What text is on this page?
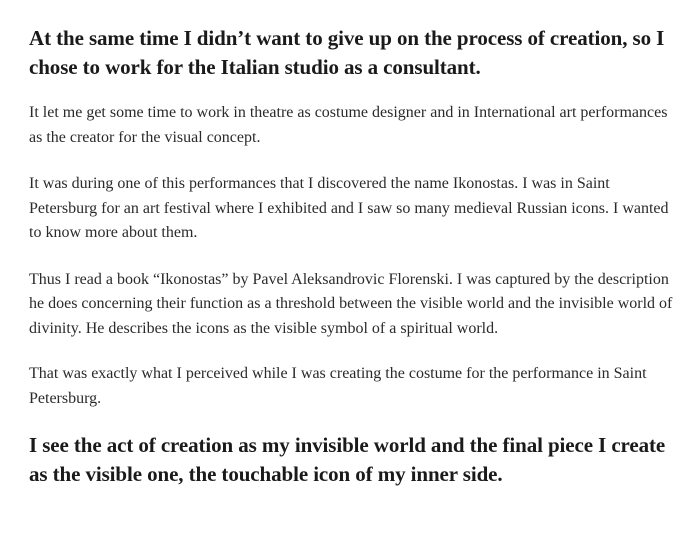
At the same time I didn’t want to give up on the process of creation, so I chose to work for the Italian studio as a consultant.

It let me get some time to work in theatre as costume designer and in International art performances as the creator for the visual concept.

It was during one of this performances that I discovered the name Ikonostas. I was in Saint Petersburg for an art festival where I exhibited and I saw so many medieval Russian icons. I wanted to know more about them.

Thus I read a book “Ikonostas” by Pavel Aleksandrovic Florenski. I was captured by the description he does concerning their function as a threshold between the visible world and the invisible world of divinity. He describes the icons as the visible symbol of a spiritual world.

That was exactly what I perceived while I was creating the costume for the performance in Saint Petersburg.

I see the act of creation as my invisible world and the final piece I create as the visible one, the touchable icon of my inner side.
